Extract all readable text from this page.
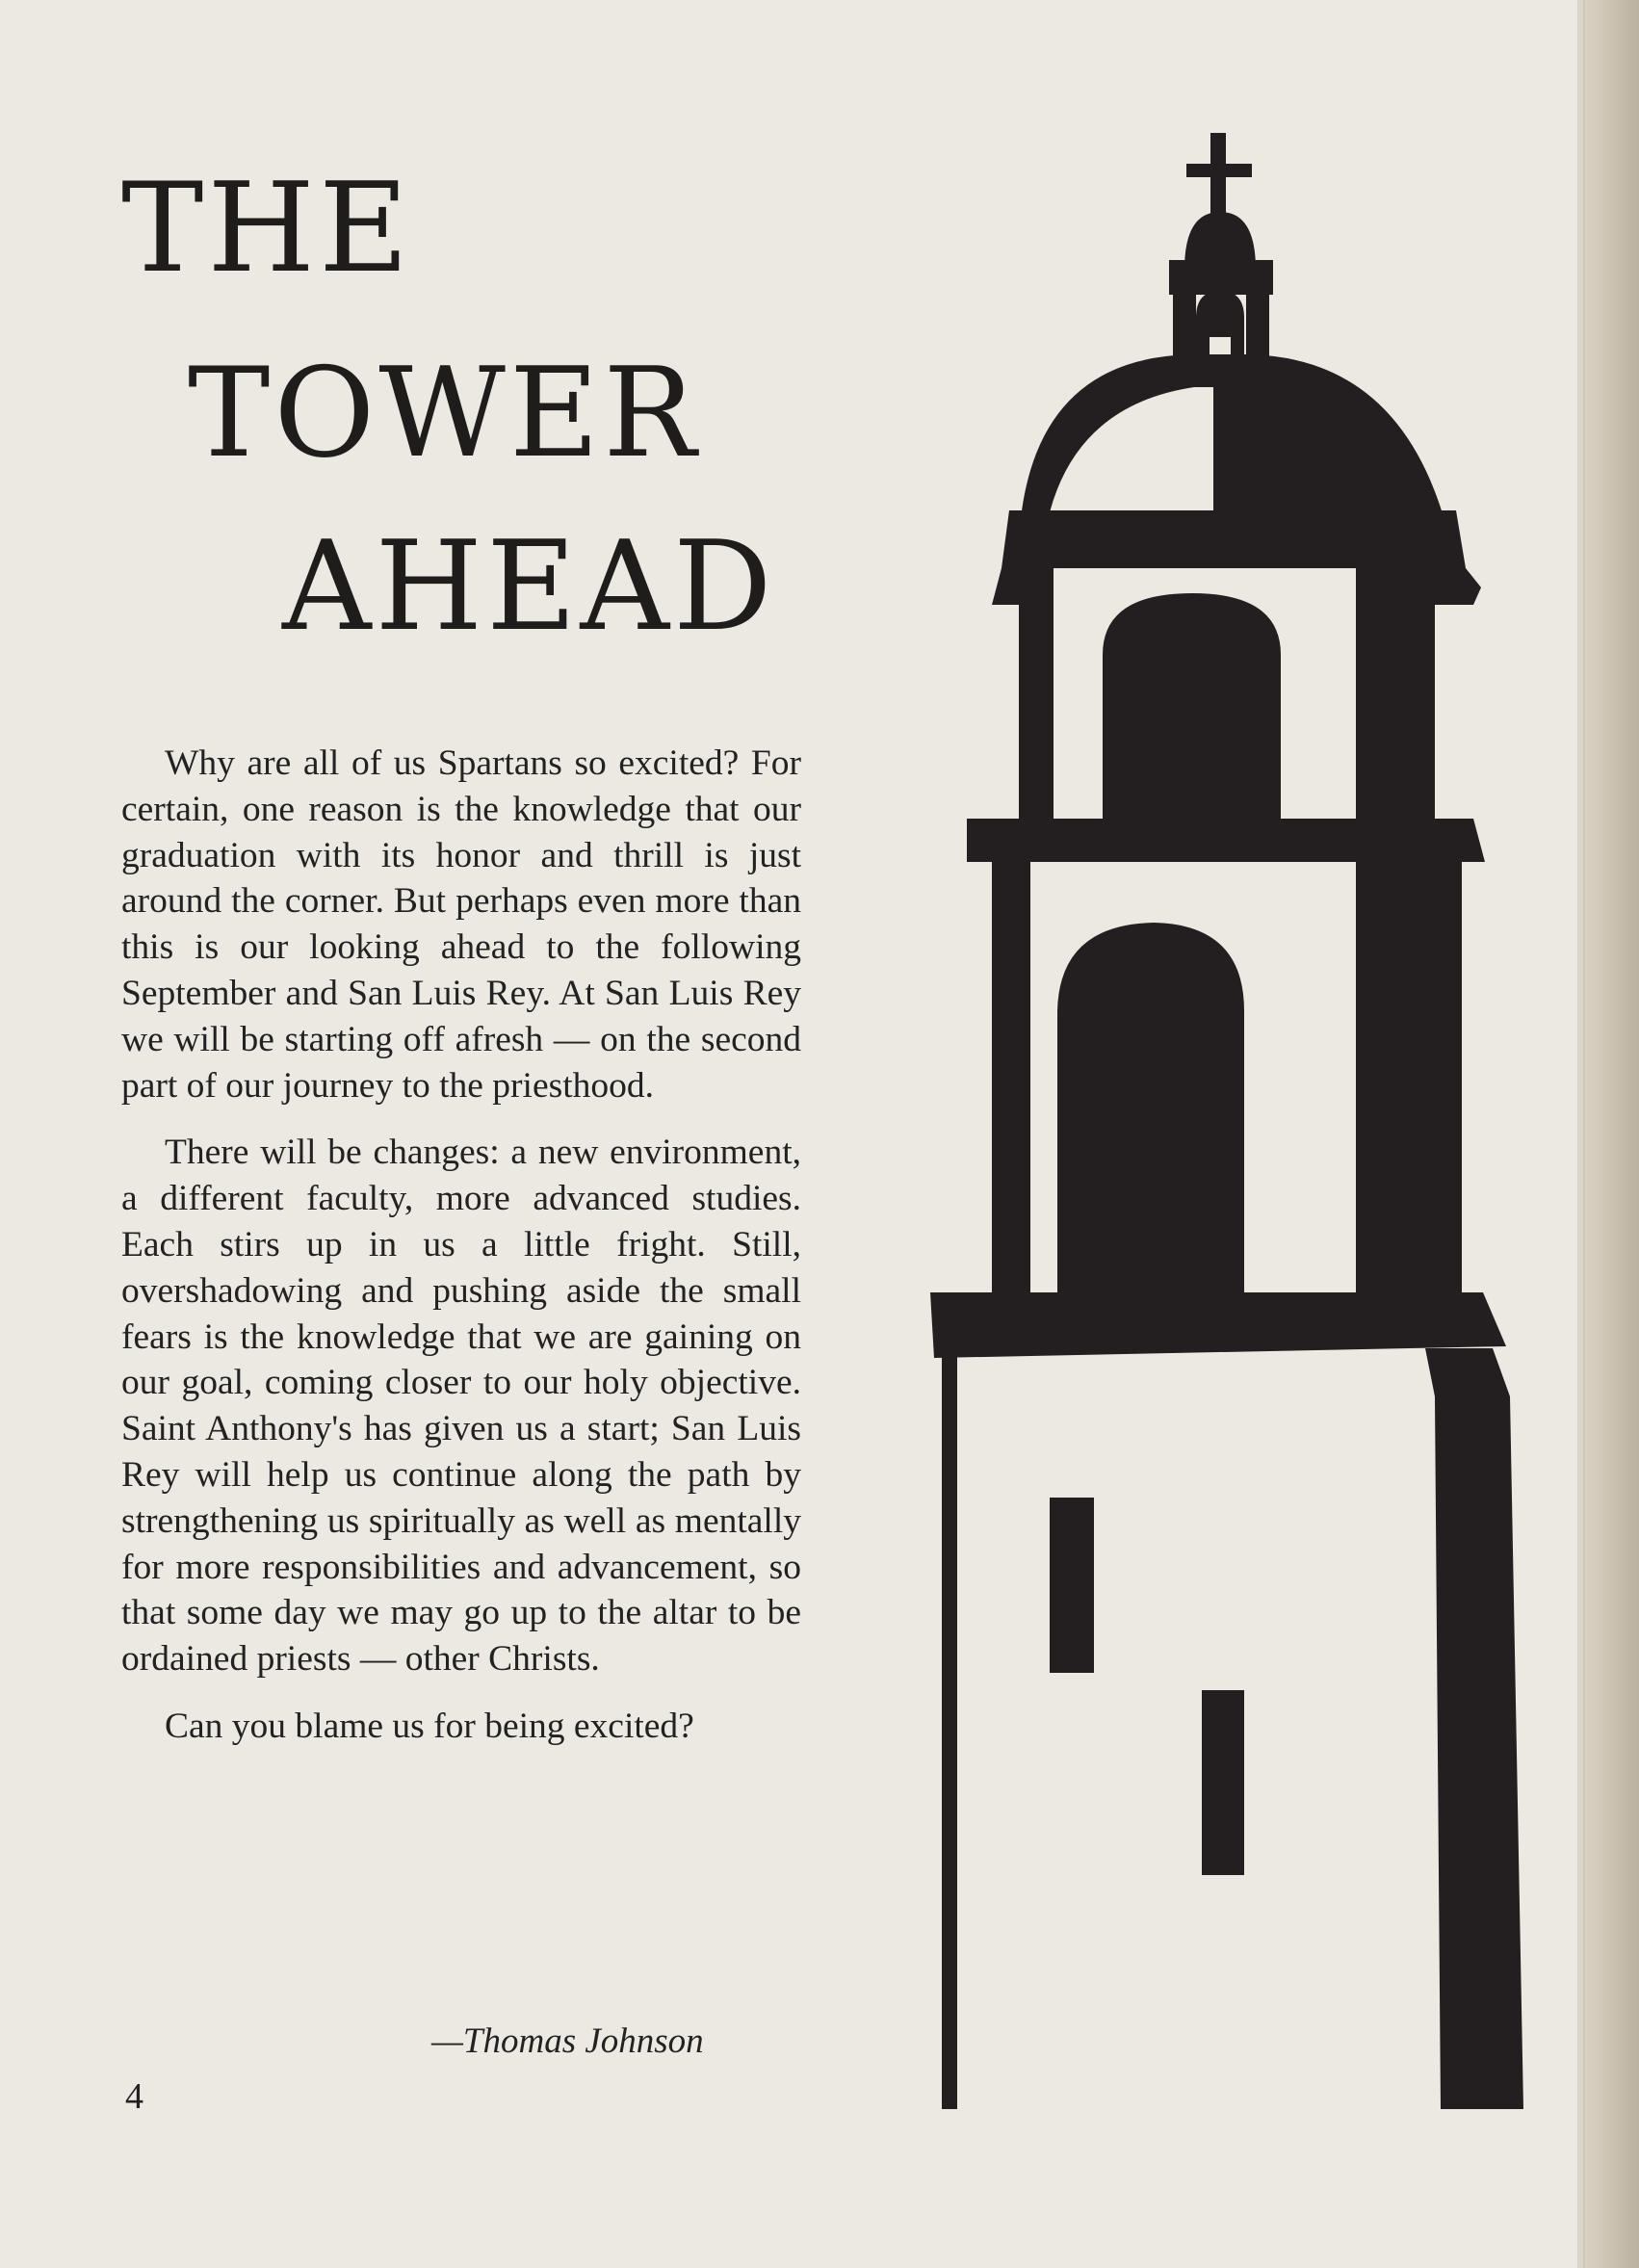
THE
TOWER
AHEAD

Why are all of us Spartans so excited? For certain, one reason is the knowledge that our graduation with its honor and thrill is just around the corner. But perhaps even more than this is our looking ahead to the following September and San Luis Rey. At San Luis Rey we will be starting off afresh — on the second part of our journey to the priesthood.

There will be changes: a new environment, a different faculty, more advanced studies. Each stirs up in us a little fright. Still, overshadowing and pushing aside the small fears is the knowledge that we are gaining on our goal, coming closer to our holy objective. Saint Anthony's has given us a start; San Luis Rey will help us continue along the path by strengthening us spiritually as well as mentally for more responsibilities and advancement, so that some day we may go up to the altar to be ordained priests — other Christs.

Can you blame us for being excited?

—Thomas Johnson
4
